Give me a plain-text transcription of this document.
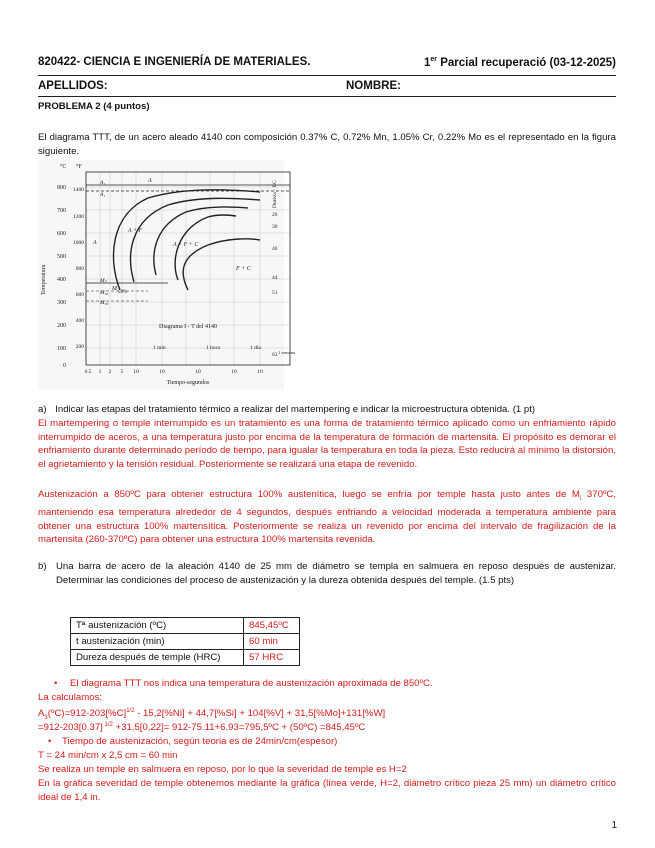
820422- CIENCIA E INGENIERÍA DE MATERIALES.	1er Parcial recuperació (03-12-2025)
APELLIDOS:	NOMBRE:
PROBLEMA 2 (4 puntos)
El diagrama TTT, de un acero aleado 4140 con composición 0.37% C, 0.72% Mn, 1.05% Cr, 0.22% Mo es el representado en la figura siguiente.
800
700
600
500
400
300
200
100
0
1400
1200
1000
800
600
400
200
°C °F
Temperatura
Dureza - RC
20
30
40
44
51
63
0.5 1 2 5 10	10	10	10	10
Tiempo-segundos
Diagrama I - T del 4140
1 min	1 hora	1 día
1 semana
A
A + F
A + F + C
F + C
A
M
50%
A₃
A₁
Mₛ
M₅₀
M₉₀
a) Indicar las etapas del tratamiento térmico a realizar del martempering e indicar la microestructura obtenida. (1 pt)
El martempering o temple interrumpido es un tratamiento es una forma de tratamiento térmico aplicado como un enfriamiento rápido interrumpido de aceros, a una temperatura justo por encima de la temperatura de formación de martensita. El propósito es demorar el enfriamiento durante determinado período de tiempo, para igualar la temperatura en toda la pieza. Esto reducirá al mínimo la distorsión, el agrietamiento y la tensión residual. Posteriormente se realizará una etapa de revenido.
Austenización a 850ºC para obtener estructura 100% austenítica, luego se enfría por temple hasta justo antes de $M_i$ 370ºC, manteniendo esa temperatura alrededor de 4 segundos, después enfriando a velocidad moderada a temperatura ambiente para obtener una estructura 100% martensítica. Posteriormente se realiza un revenido por encima del intervalo de fragilización de la martensita (260-370ºC) para obtener una estructura 100% martensita revenida.
b) Una barra de acero de la aleación 4140 de 25 mm de diámetro se templa en salmuera en reposo después de austenizar. Determinar las condiciones del proceso de austenización y la dureza obtenida después del temple. (1.5 pts)
Tª austenización (ºC)	845,45ºC
t austenización (min)	60 min
Dureza después de temple (HRC)	57 HRC
• El diagrama TTT nos indica una temperatura de austenización aproximada de 850ºC.
La calculamos:
$A_3(ºC)=912-203[\%C]^{1/2} - 15,2[\%Ni] + 44,7[\%Si] + 104[\%V] + 31,5[\%Mo]+131[\%W]$
=912-203[0.37] $^{1/2}$ +31,5[0,22]= 912-75.11+6.93=795,5ºC + (50ºC) =845,45ºC
• Tiempo de austenización, según teoria es de 24min/cm(espesor)
T = 24 min/cm x 2,5 cm = 60 min
Se realiza un temple en salmuera en reposo, por lo que la severidad de temple es H=2
En la gráfica severidad de temple obtenemos mediante la gráfica (línea verde, H=2, diámetro crítico pieza 25 mm) un diámetro crítico ideal de 1,4 in.
1
